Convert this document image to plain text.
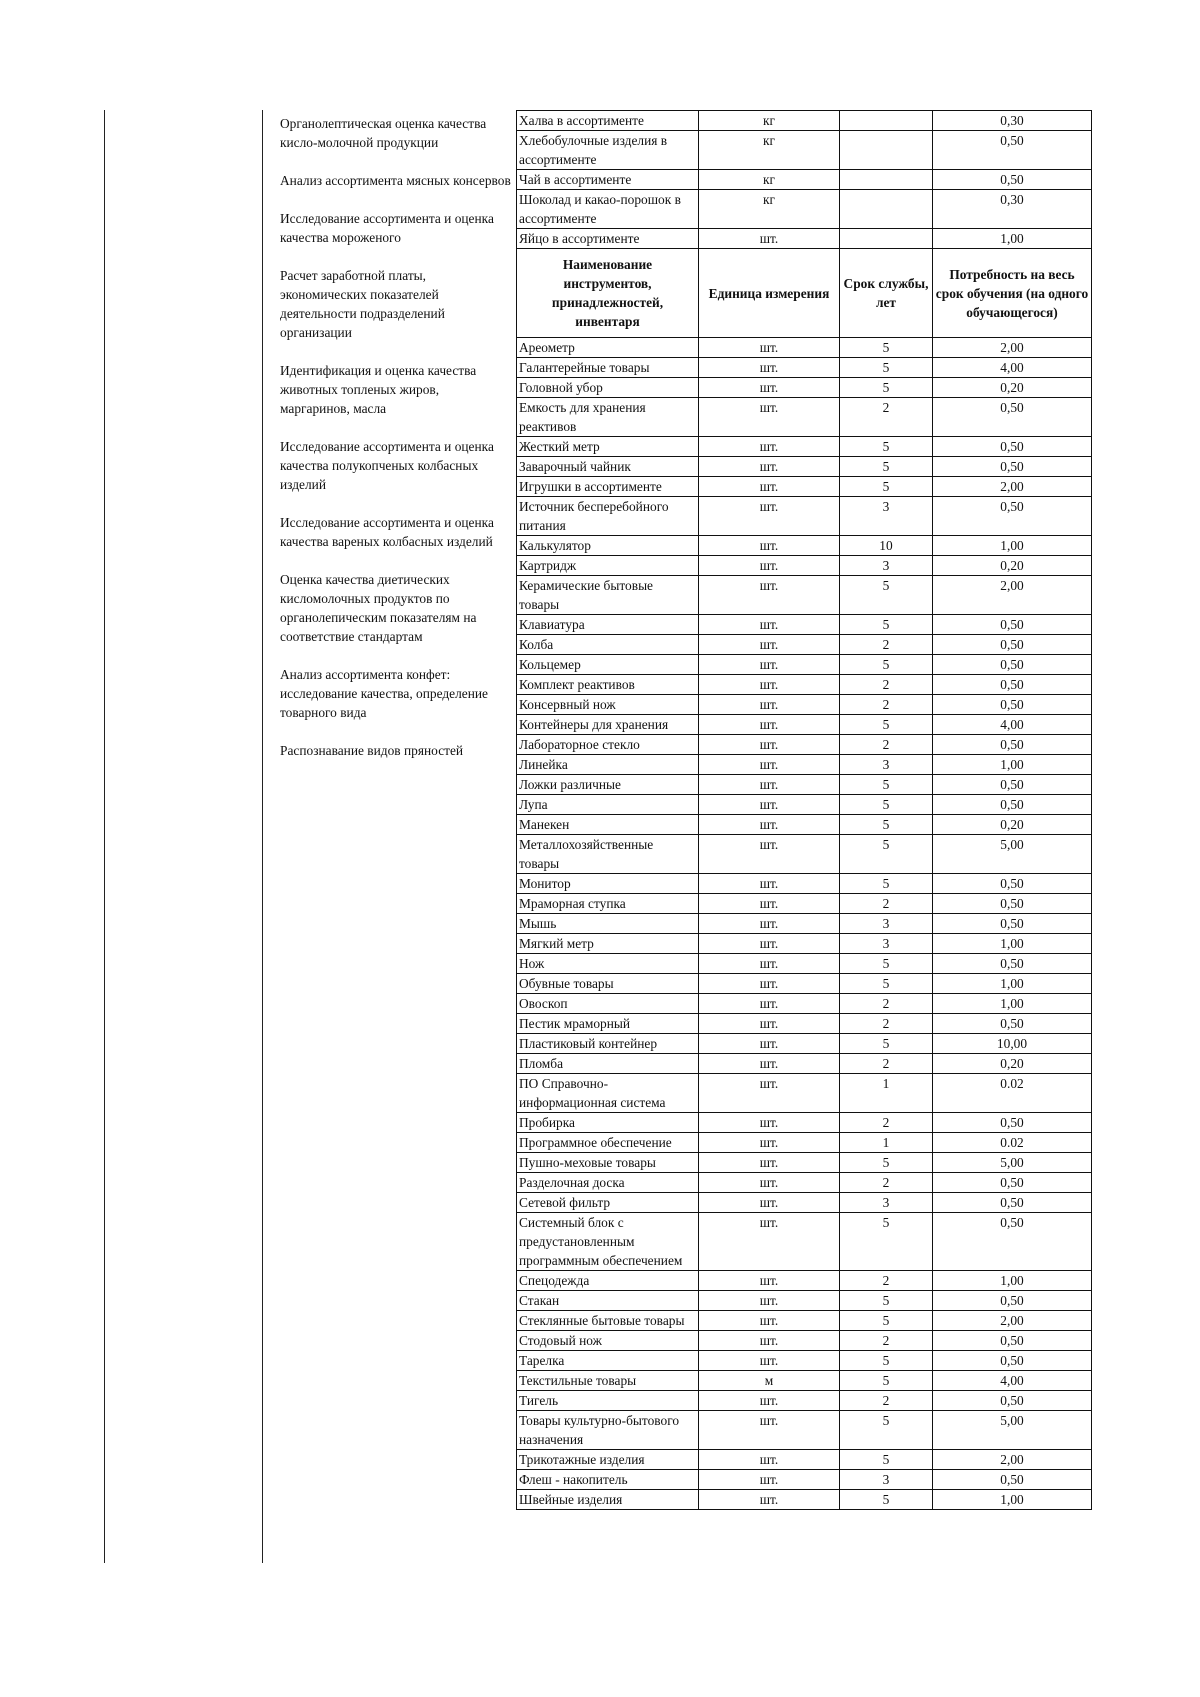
Органолептическая оценка качества кисло-молочной продукции

Анализ ассортимента мясных консервов

Исследование ассортимента и оценка качества мороженого

Расчет заработной платы, экономических показателей деятельности подразделений организации

Идентификация и оценка качества животных топленых жиров, маргаринов, масла

Исследование ассортимента и оценка качества полукопченых колбасных изделий

Исследование ассортимента и оценка качества вареных колбасных изделий

Оценка качества диетических кисломолочных продуктов по органолепическим показателям на соответствие стандартам

Анализ ассортимента конфет: исследование качества, определение товарного вида

Распознавание видов пряностей

Халва в ассортименте	кг		0,30
Хлебобулочные изделия в ассортименте	кг		0,50
Чай в ассортименте	кг		0,50
Шоколад и какао-порошок в ассортименте	кг		0,30
Яйцо в ассортименте	шт.		1,00
Наименование инструментов, принадлежностей, инвентаря	Единица измерения	Срок службы, лет	Потребность на весь срок обучения (на одного обучающегося)
Ареометр	шт.	5	2,00
Галантерейные товары	шт.	5	4,00
Головной убор	шт.	5	0,20
Емкость для хранения реактивов	шт.	2	0,50
Жесткий метр	шт.	5	0,50
Заварочный чайник	шт.	5	0,50
Игрушки в ассортименте	шт.	5	2,00
Источник бесперебойного питания	шт.	3	0,50
Калькулятор	шт.	10	1,00
Картридж	шт.	3	0,20
Керамические бытовые товары	шт.	5	2,00
Клавиатура	шт.	5	0,50
Колба	шт.	2	0,50
Кольцемер	шт.	5	0,50
Комплект реактивов	шт.	2	0,50
Консервный нож	шт.	2	0,50
Контейнеры для хранения	шт.	5	4,00
Лабораторное стекло	шт.	2	0,50
Линейка	шт.	3	1,00
Ложки различные	шт.	5	0,50
Лупа	шт.	5	0,50
Манекен	шт.	5	0,20
Металлохозяйственные товары	шт.	5	5,00
Монитор	шт.	5	0,50
Мраморная ступка	шт.	2	0,50
Мышь	шт.	3	0,50
Мягкий метр	шт.	3	1,00
Нож	шт.	5	0,50
Обувные товары	шт.	5	1,00
Овоскоп	шт.	2	1,00
Пестик мраморный	шт.	2	0,50
Пластиковый контейнер	шт.	5	10,00
Пломба	шт.	2	0,20
ПО Справочно-информационная система	шт.	1	0.02
Пробирка	шт.	2	0,50
Программное обеспечение	шт.	1	0.02
Пушно-меховые товары	шт.	5	5,00
Разделочная доска	шт.	2	0,50
Сетевой фильтр	шт.	3	0,50
Системный блок с предустановленным программным обеспечением	шт.	5	0,50
Спецодежда	шт.	2	1,00
Стакан	шт.	5	0,50
Стеклянные бытовые товары	шт.	5	2,00
Стодовый нож	шт.	2	0,50
Тарелка	шт.	5	0,50
Текстильные товары	м	5	4,00
Тигель	шт.	2	0,50
Товары культурно-бытового назначения	шт.	5	5,00
Трикотажные изделия	шт.	5	2,00
Флеш - накопитель	шт.	3	0,50
Швейные изделия	шт.	5	1,00
